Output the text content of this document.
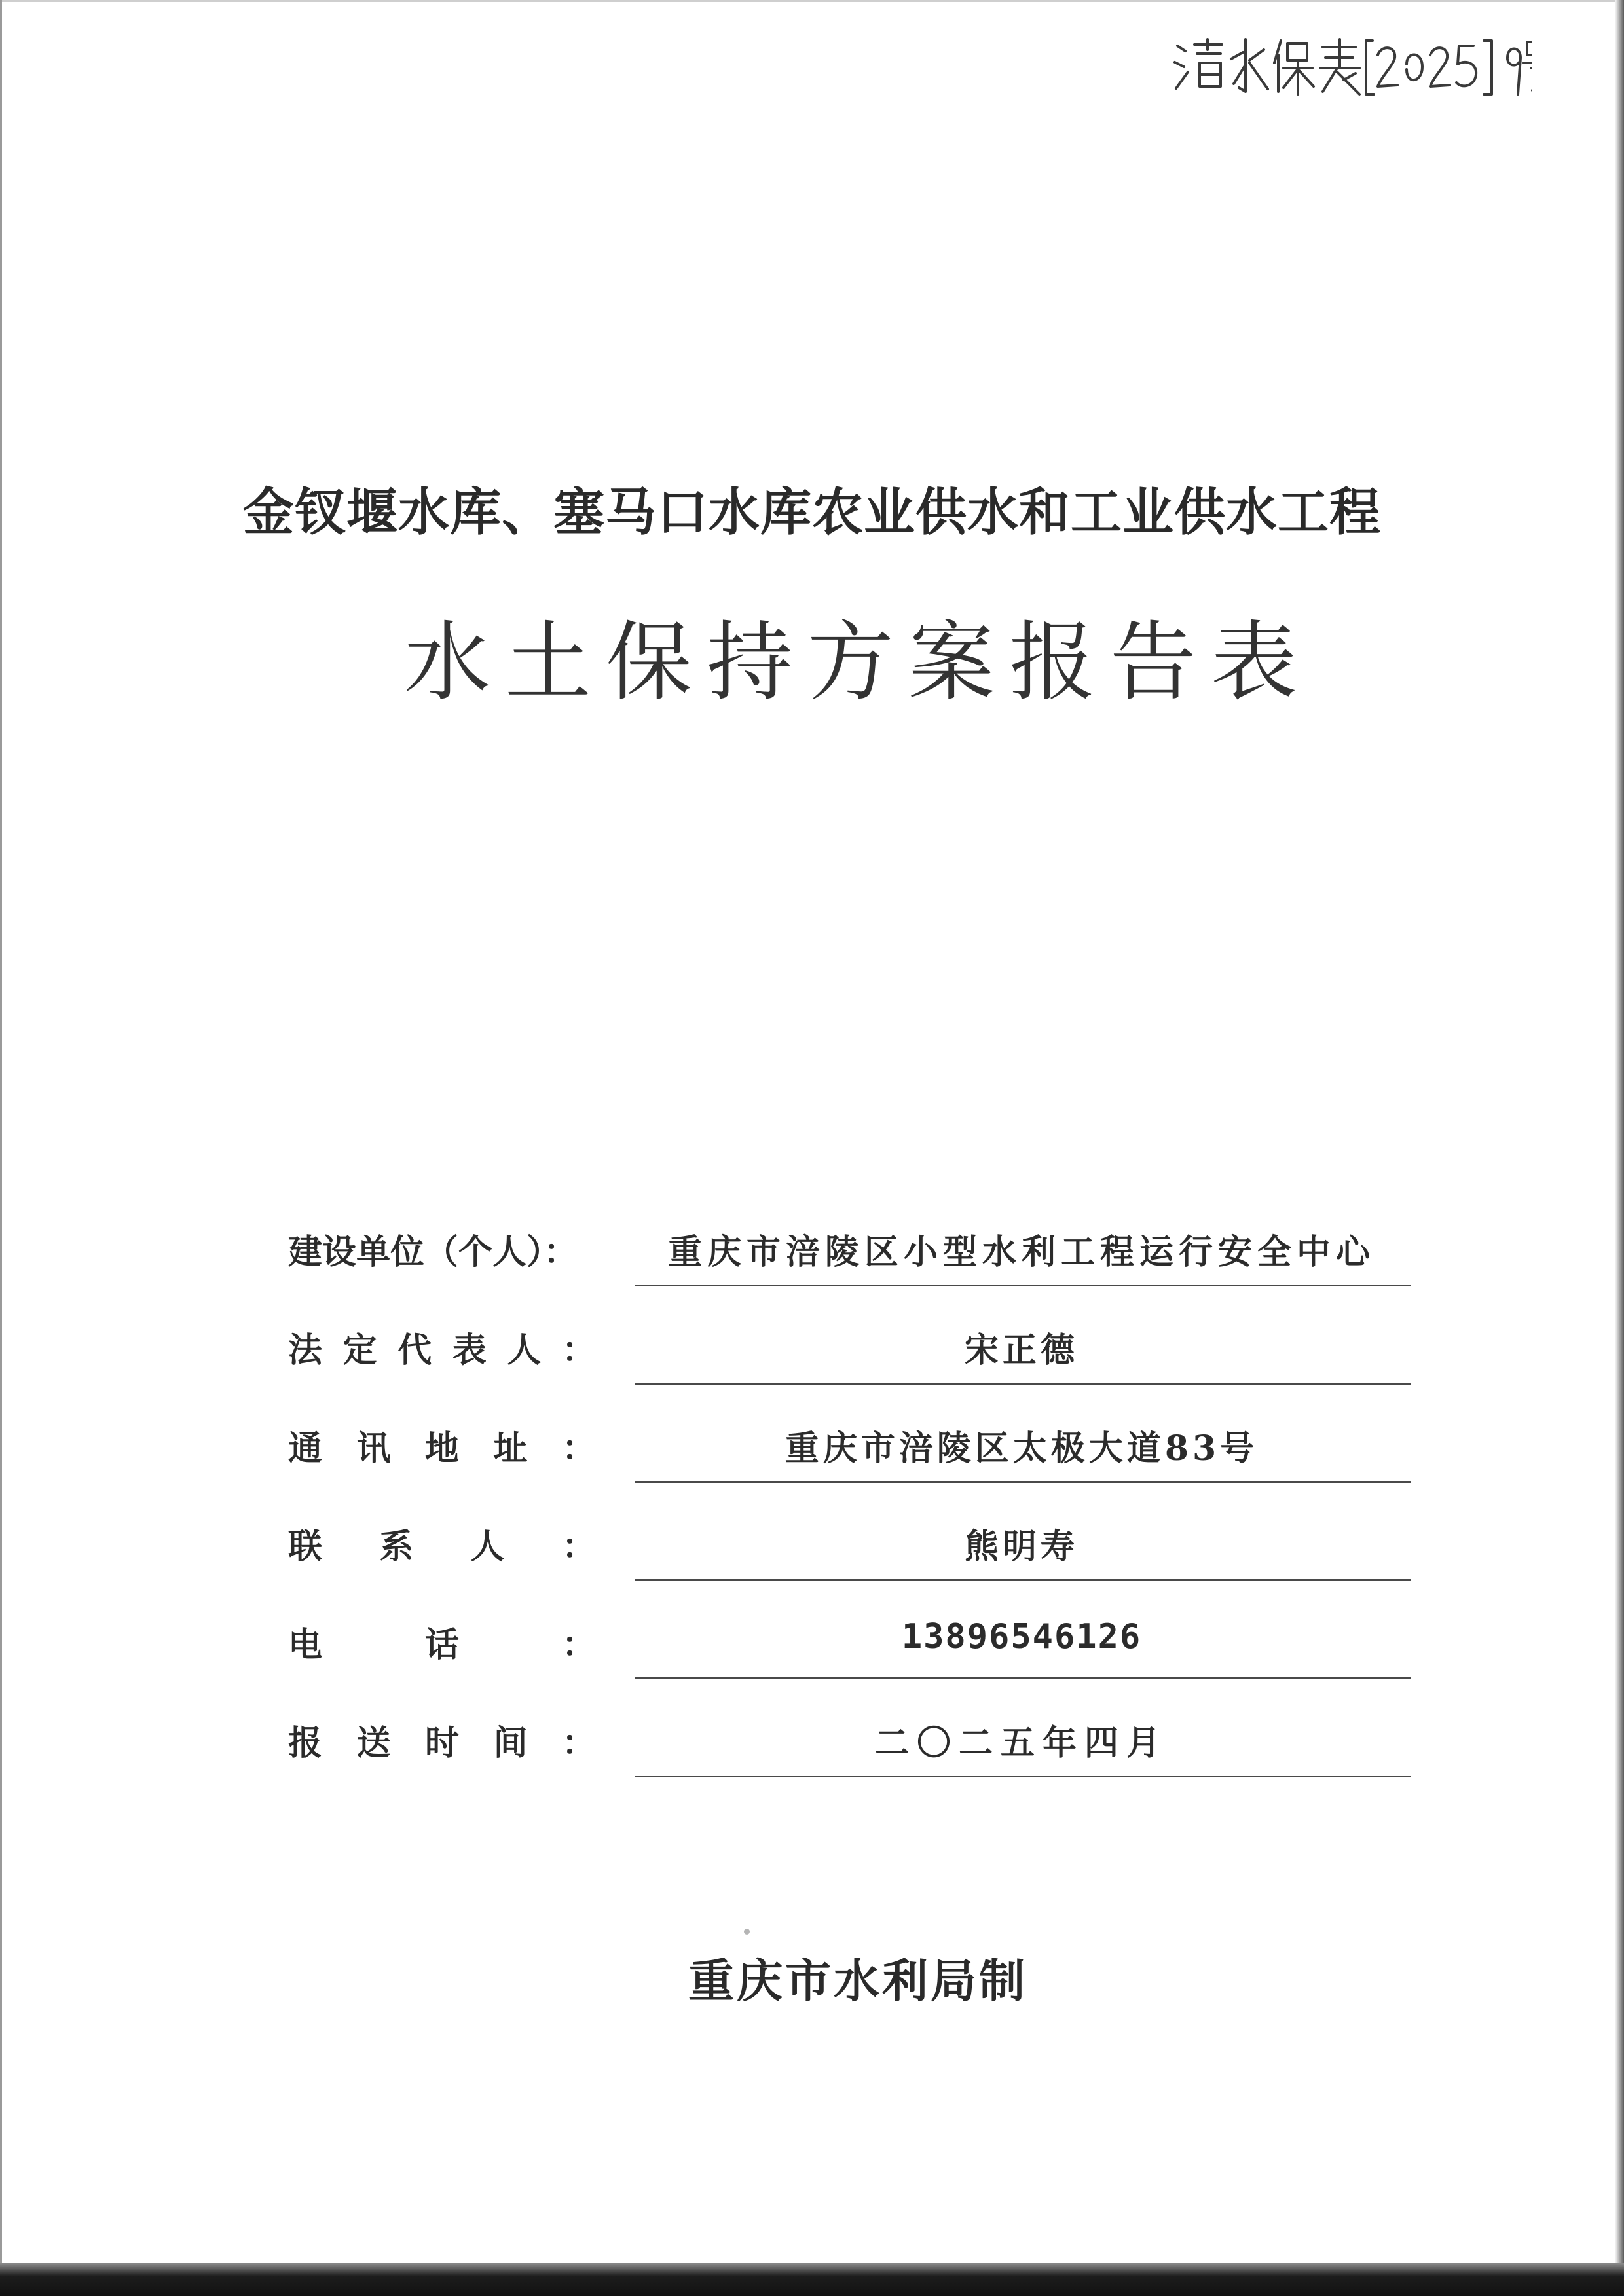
金钗堰水库、塞马口水库农业供水和工业供水工程
水土保持方案报告表
建设单位（个人）：	重庆市涪陵区小型水利工程运行安全中心
法定代表人：	宋正德
通讯地址：	重庆市涪陵区太极大道83号
联系人：	熊明寿
电话：	13896546126
报送时间：	二〇二五年四月
重庆市水利局制
